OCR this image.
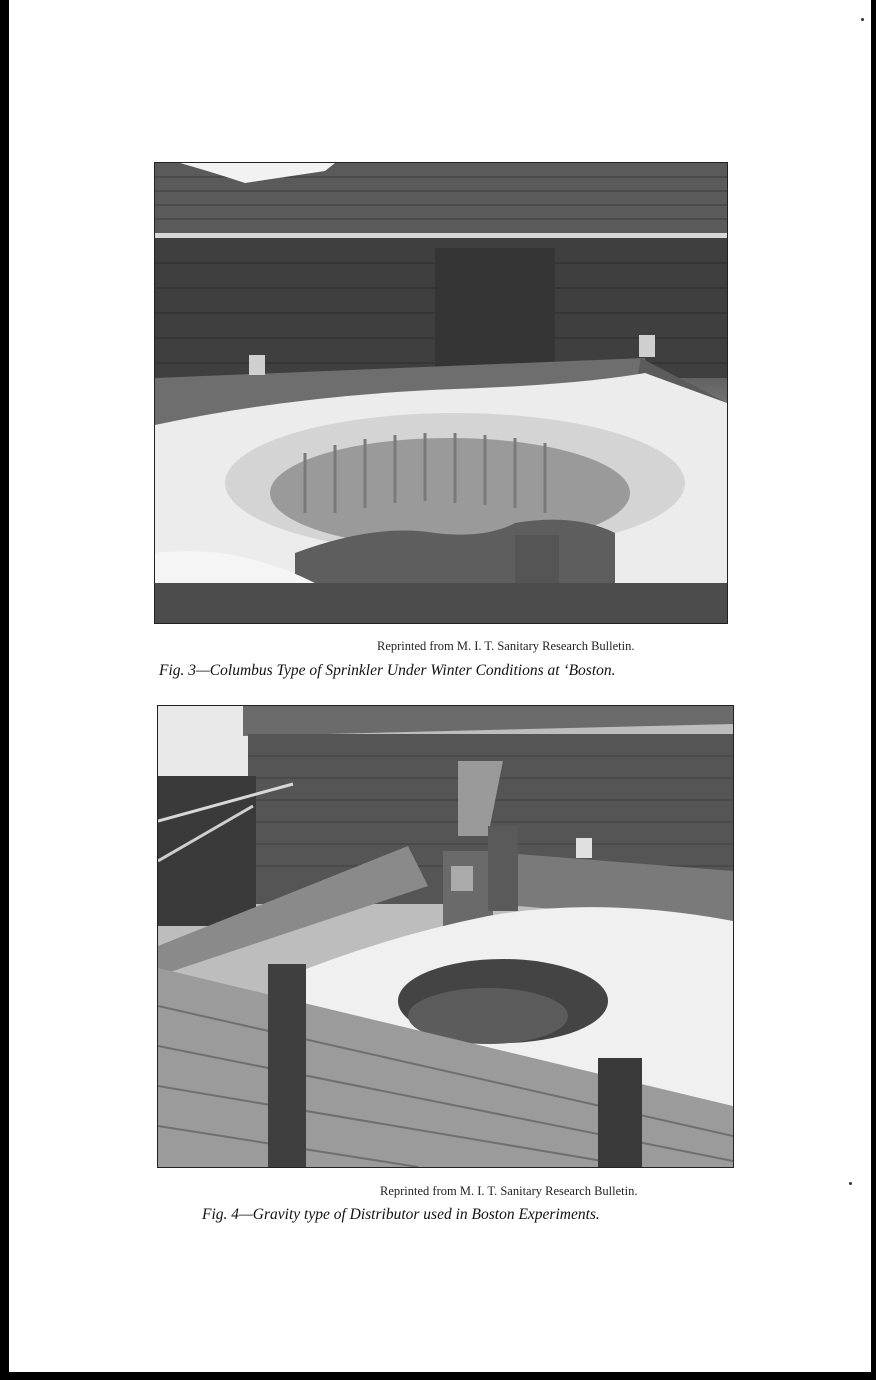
Reprinted from M. I. T. Sanitary Research Bulletin.
Fig. 3—Columbus Type of Sprinkler Under Winter Conditions at ‘Boston.
Reprinted from M. I. T. Sanitary Research Bulletin.
Fig. 4—Gravity type of Distributor used in Boston Experiments.
